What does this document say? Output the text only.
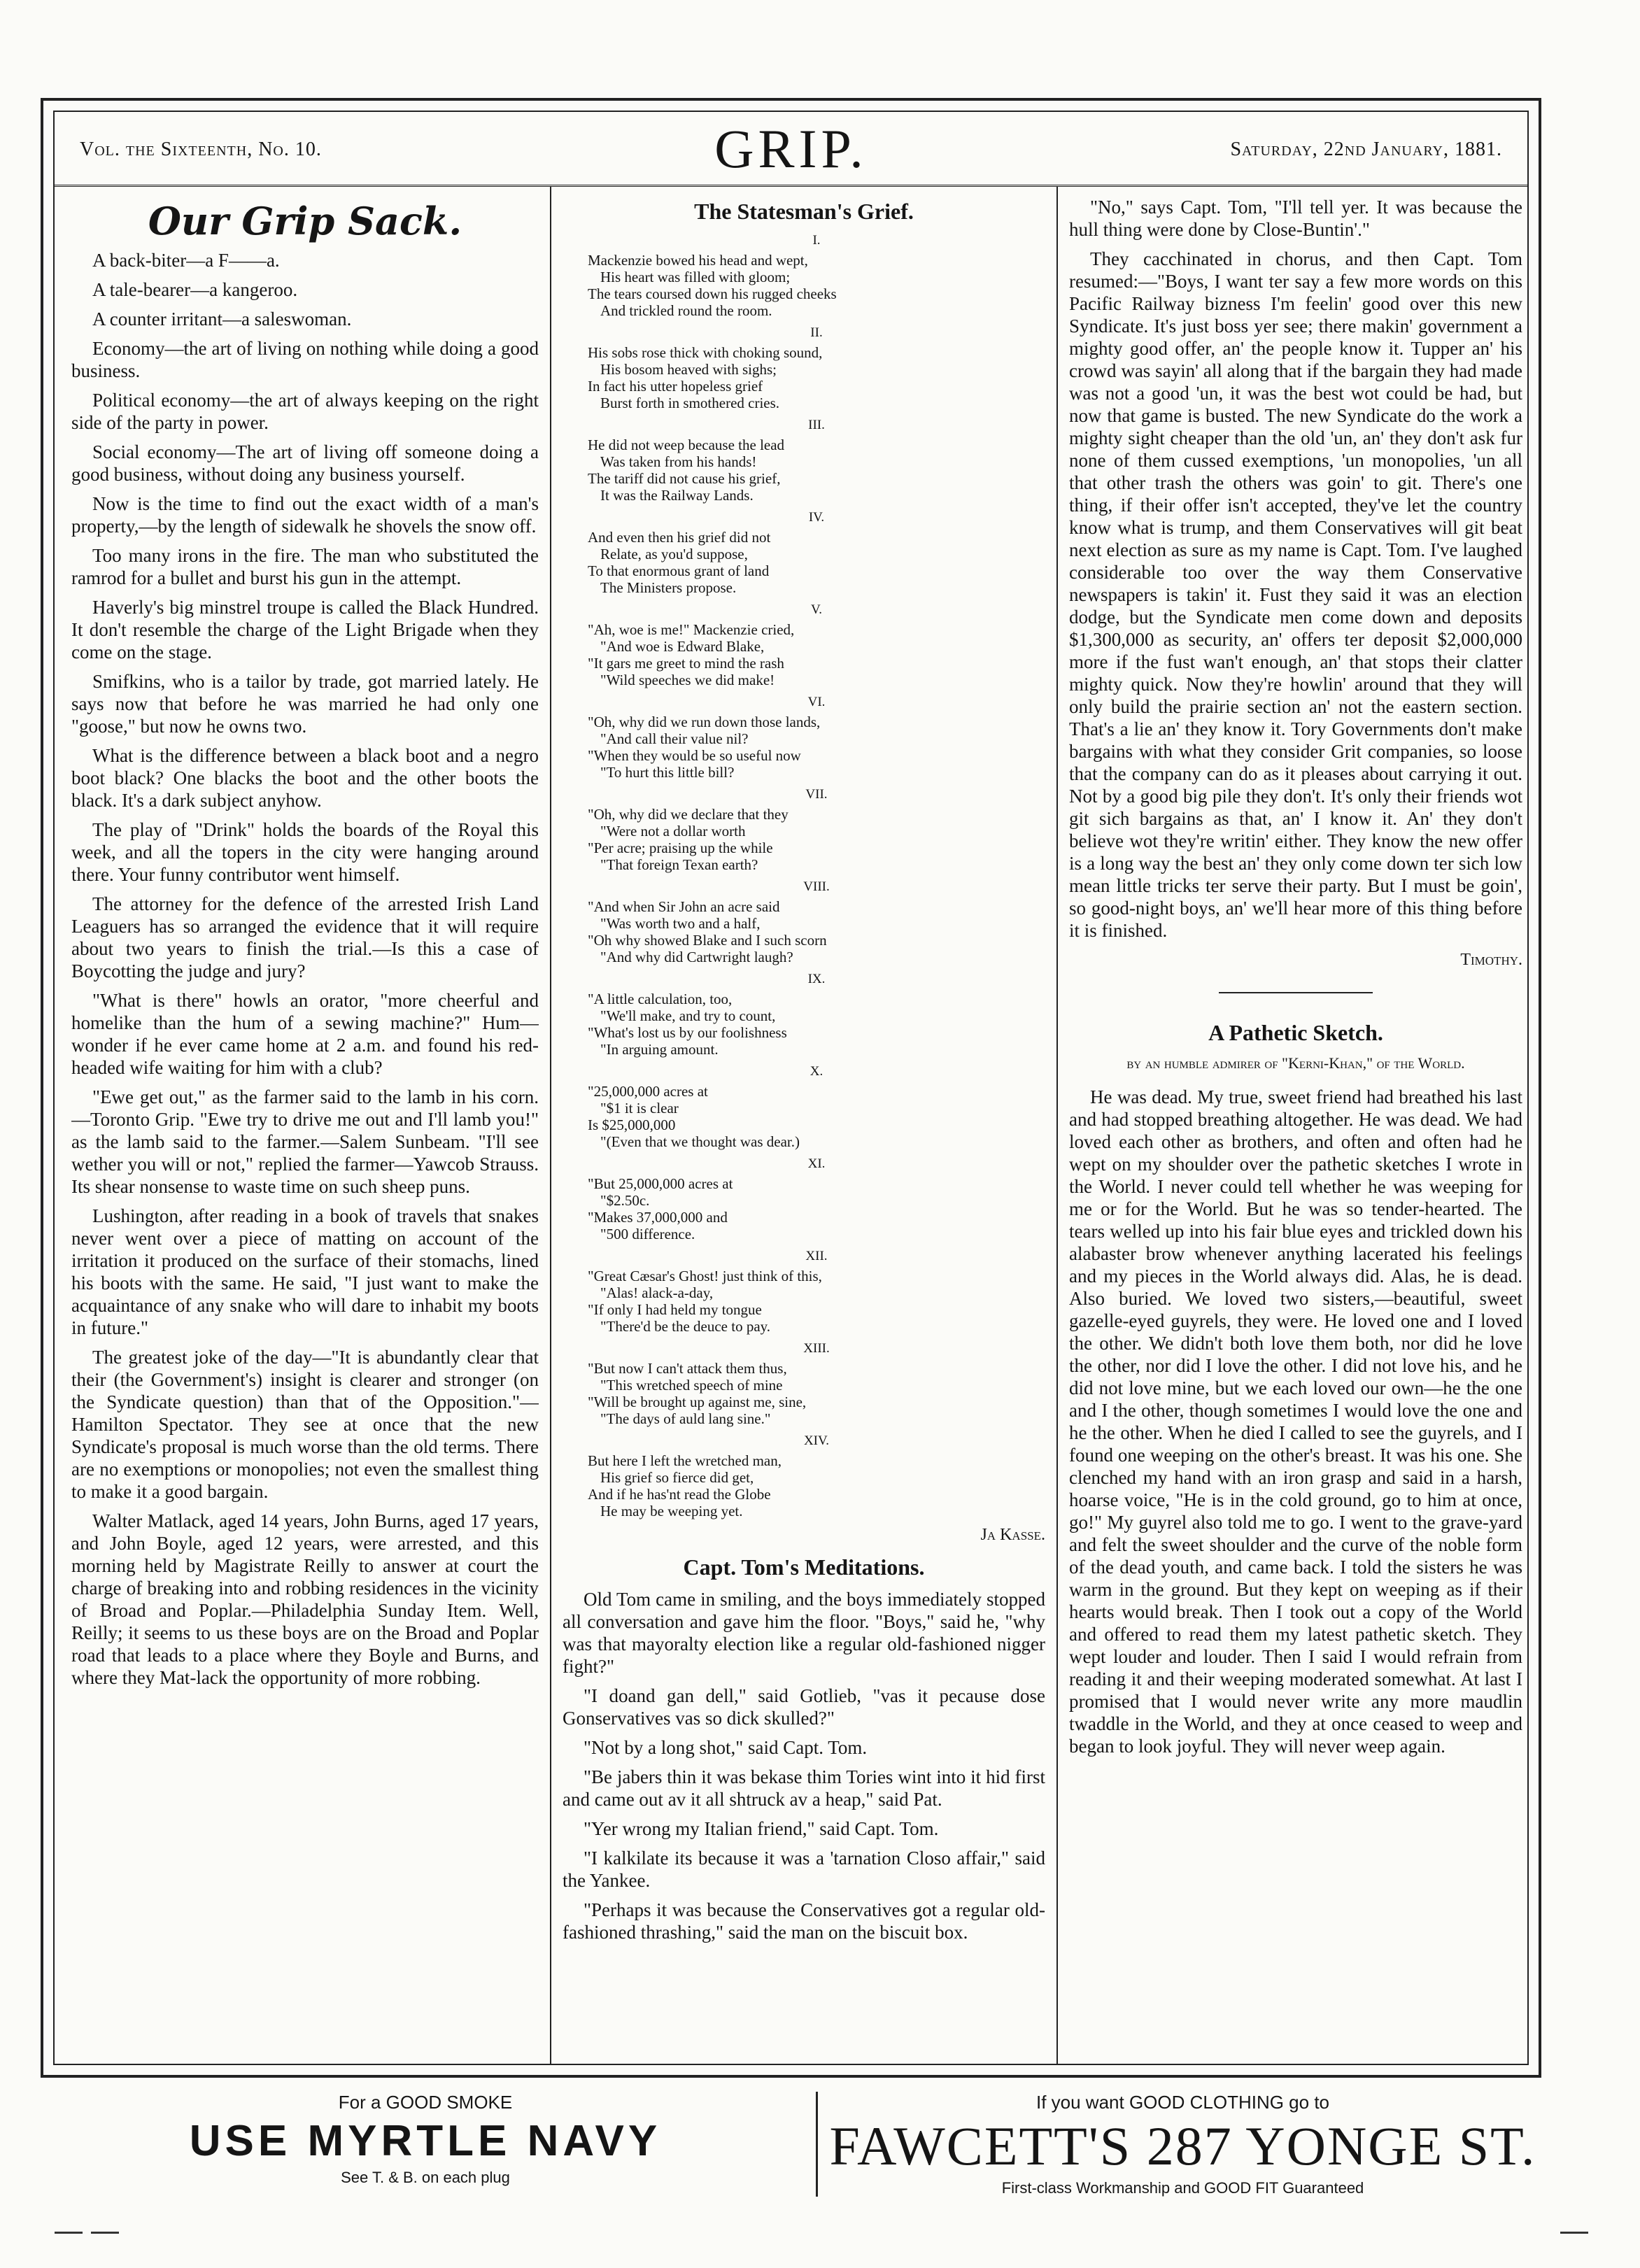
Vol. the Sixteenth, No. 10.	GRIP.	Saturday, 22nd January, 1881.
Our Grip Sack.

A back-biter—a F——a.

A tale-bearer—a kangeroo.

A counter irritant—a saleswoman.

Economy—the art of living on nothing while doing a good business.

Political economy—the art of always keeping on the right side of the party in power.

Social economy—The art of living off someone doing a good business, without doing any business yourself.

Now is the time to find out the exact width of a man's property,—by the length of sidewalk he shovels the snow off.

Too many irons in the fire. The man who substituted the ramrod for a bullet and burst his gun in the attempt.

Haverly's big minstrel troupe is called the Black Hundred. It don't resemble the charge of the Light Brigade when they come on the stage.

Smifkins, who is a tailor by trade, got married lately. He says now that before he was married he had only one "goose," but now he owns two.

What is the difference between a black boot and a negro boot black? One blacks the boot and the other boots the black. It's a dark subject anyhow.

The play of "Drink" holds the boards of the Royal this week, and all the topers in the city were hanging around there. Your funny contributor went himself.

The attorney for the defence of the arrested Irish Land Leaguers has so arranged the evidence that it will require about two years to finish the trial.—Is this a case of Boycotting the judge and jury?

"What is there" howls an orator, "more cheerful and homelike than the hum of a sewing machine?" Hum—wonder if he ever came home at 2 a.m. and found his red-headed wife waiting for him with a club?

"Ewe get out," as the farmer said to the lamb in his corn.—Toronto Grip. "Ewe try to drive me out and I'll lamb you!" as the lamb said to the farmer.—Salem Sunbeam. "I'll see wether you will or not," replied the farmer—Yawcob Strauss. Its shear nonsense to waste time on such sheep puns.

Lushington, after reading in a book of travels that snakes never went over a piece of matting on account of the irritation it produced on the surface of their stomachs, lined his boots with the same. He said, "I just want to make the acquaintance of any snake who will dare to inhabit my boots in future."

The greatest joke of the day—"It is abundantly clear that their (the Government's) insight is clearer and stronger (on the Syndicate question) than that of the Opposition."—Hamilton Spectator. They see at once that the new Syndicate's proposal is much worse than the old terms. There are no exemptions or monopolies; not even the smallest thing to make it a good bargain.

Walter Matlack, aged 14 years, John Burns, aged 17 years, and John Boyle, aged 12 years, were arrested, and this morning held by Magistrate Reilly to answer at court the charge of breaking into and robbing residences in the vicinity of Broad and Poplar.—Philadelphia Sunday Item. Well, Reilly; it seems to us these boys are on the Broad and Poplar road that leads to a place where they Boyle and Burns, and where they Mat-lack the opportunity of more robbing.

The Statesman's Grief.
I.
Mackenzie bowed his head and wept,
His heart was filled with gloom;
The tears coursed down his rugged cheeks
And trickled round the room.
II.
His sobs rose thick with choking sound,
His bosom heaved with sighs;
In fact his utter hopeless grief
Burst forth in smothered cries.
III.
He did not weep because the lead
Was taken from his hands!
The tariff did not cause his grief,
It was the Railway Lands.
IV.
And even then his grief did not
Relate, as you'd suppose,
To that enormous grant of land
The Ministers propose.
V.
"Ah, woe is me!" Mackenzie cried,
"And woe is Edward Blake,
"It gars me greet to mind the rash
"Wild speeches we did make!
VI.
"Oh, why did we run down those lands,
"And call their value nil?
"When they would be so useful now
"To hurt this little bill?
VII.
"Oh, why did we declare that they
"Were not a dollar worth
"Per acre; praising up the while
"That foreign Texan earth?
VIII.
"And when Sir John an acre said
"Was worth two and a half,
"Oh why showed Blake and I such scorn
"And why did Cartwright laugh?
IX.
"A little calculation, too,
"We'll make, and try to count,
"What's lost us by our foolishness
"In arguing amount.
X.
"25,000,000 acres at
"$1 it is clear
Is $25,000,000
"(Even that we thought was dear.)
XI.
"But 25,000,000 acres at
"$2.50c.
"Makes 37,000,000 and
"500 difference.
XII.
"Great Cæsar's Ghost! just think of this,
"Alas! alack-a-day,
"If only I had held my tongue
"There'd be the deuce to pay.
XIII.
"But now I can't attack them thus,
"This wretched speech of mine
"Will be brought up against me, sine,
"The days of auld lang sine."
XIV.
But here I left the wretched man,
His grief so fierce did get,
And if he has'nt read the Globe
He may be weeping yet.
Ja Kasse.
Capt. Tom's Meditations.

Old Tom came in smiling, and the boys immediately stopped all conversation and gave him the floor. "Boys," said he, "why was that mayoralty election like a regular old-fashioned nigger fight?"

"I doand gan dell," said Gotlieb, "vas it pecause dose Gonservatives vas so dick skulled?"

"Not by a long shot," said Capt. Tom.

"Be jabers thin it was bekase thim Tories wint into it hid first and came out av it all shtruck av a heap," said Pat.

"Yer wrong my Italian friend," said Capt. Tom.

"I kalkilate its because it was a 'tarnation Closo affair," said the Yankee.

"Perhaps it was because the Conservatives got a regular old-fashioned thrashing," said the man on the biscuit box.

"No," says Capt. Tom, "I'll tell yer. It was because the hull thing were done by Close-Buntin'."

They cacchinated in chorus, and then Capt. Tom resumed:—"Boys, I want ter say a few more words on this Pacific Railway bizness I'm feelin' good over this new Syndicate. It's just boss yer see; there makin' government a mighty good offer, an' the people know it. Tupper an' his crowd was sayin' all along that if the bargain they had made was not a good 'un, it was the best wot could be had, but now that game is busted. The new Syndicate do the work a mighty sight cheaper than the old 'un, an' they don't ask fur none of them cussed exemptions, 'un monopolies, 'un all that other trash the others was goin' to git. There's one thing, if their offer isn't accepted, they've let the country know what is trump, and them Conservatives will git beat next election as sure as my name is Capt. Tom. I've laughed considerable too over the way them Conservative newspapers is takin' it. Fust they said it was an election dodge, but the Syndicate men come down and deposits $1,300,000 as security, an' offers ter deposit $2,000,000 more if the fust wan't enough, an' that stops their clatter mighty quick. Now they're howlin' around that they will only build the prairie section an' not the eastern section. That's a lie an' they know it. Tory Governments don't make bargains with what they consider Grit companies, so loose that the company can do as it pleases about carrying it out. Not by a good big pile they don't. It's only their friends wot git sich bargains as that, an' I know it. An' they don't believe wot they're writin' either. They know the new offer is a long way the best an' they only come down ter sich low mean little tricks ter serve their party. But I must be goin', so good-night boys, an' we'll hear more of this thing before it is finished.

Timothy.
A Pathetic Sketch.
by an humble admirer of "Kerni-Khan," of the World.

He was dead. My true, sweet friend had breathed his last and had stopped breathing altogether. He was dead. We had loved each other as brothers, and often and often had he wept on my shoulder over the pathetic sketches I wrote in the World. I never could tell whether he was weeping for me or for the World. But he was so tender-hearted. The tears welled up into his fair blue eyes and trickled down his alabaster brow whenever anything lacerated his feelings and my pieces in the World always did. Alas, he is dead. Also buried. We loved two sisters,—beautiful, sweet gazelle-eyed guyrels, they were. He loved one and I loved the other. We didn't both love them both, nor did he love the other, nor did I love the other. I did not love his, and he did not love mine, but we each loved our own—he the one and I the other, though sometimes I would love the one and he the other. When he died I called to see the guyrels, and I found one weeping on the other's breast. It was his one. She clenched my hand with an iron grasp and said in a harsh, hoarse voice, "He is in the cold ground, go to him at once, go!" My guyrel also told me to go. I went to the grave-yard and felt the sweet shoulder and the curve of the noble form of the dead youth, and came back. I told the sisters he was warm in the ground. But they kept on weeping as if their hearts would break. Then I took out a copy of the World and offered to read them my latest pathetic sketch. They wept louder and louder. Then I said I would refrain from reading it and their weeping moderated somewhat. At last I promised that I would never write any more maudlin twaddle in the World, and they at once ceased to weep and began to look joyful. They will never weep again.

For a GOOD SMOKE
USE MYRTLE NAVY
See T. & B. on each plug
If you want GOOD CLOTHING go to
FAWCETT'S 287 YONGE ST.
First-class Workmanship and GOOD FIT Guaranteed
